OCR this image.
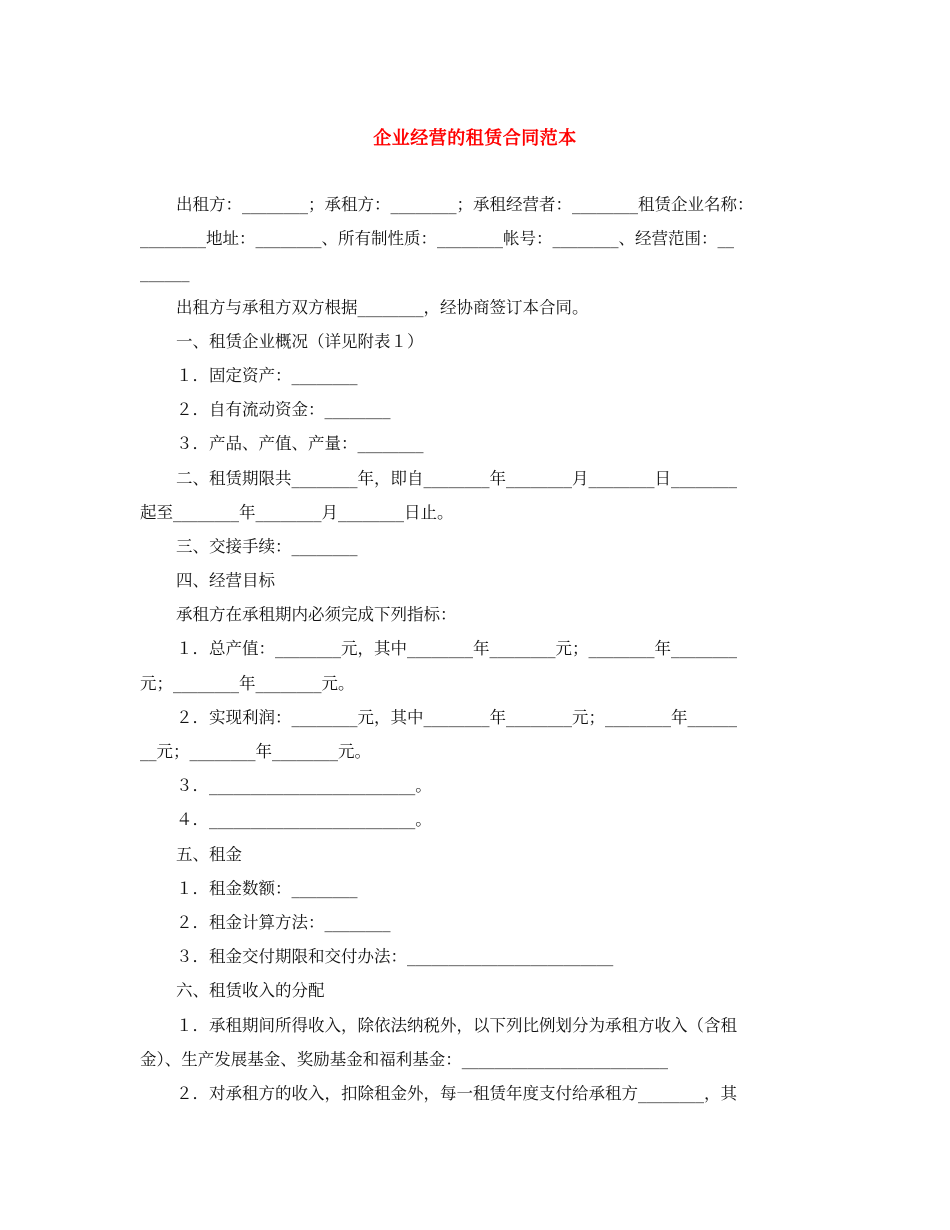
企业经营的租赁合同范本

出租方：________；承租方：________；承租经营者：________租赁企业名称：

________地址：________、所有制性质：________帐号：________、经营范围：__

______

出租方与承租方双方根据________，经协商签订本合同。

一、租赁企业概况（详见附表１）

１．固定资产：________

２．自有流动资金：________

３．产品、产值、产量：________

二、租赁期限共________年，即自________年________月________日________

起至________年________月________日止。

三、交接手续：________

四、经营目标

承租方在承租期内必须完成下列指标：

１．总产值：________元，其中________年________元；________年________

元；________年________元。

２．实现利润：________元，其中________年________元；________年______

__元；________年________元。

３．_________________________。

４．_________________________。

五、租金

１．租金数额：________

２．租金计算方法：________

３．租金交付期限和交付办法：_________________________

六、租赁收入的分配

１．承租期间所得收入，除依法纳税外，以下列比例划分为承租方收入（含租

金）、生产发展基金、奖励基金和福利基金：_________________________

２．对承租方的收入，扣除租金外，每一租赁年度支付给承租方________，其
